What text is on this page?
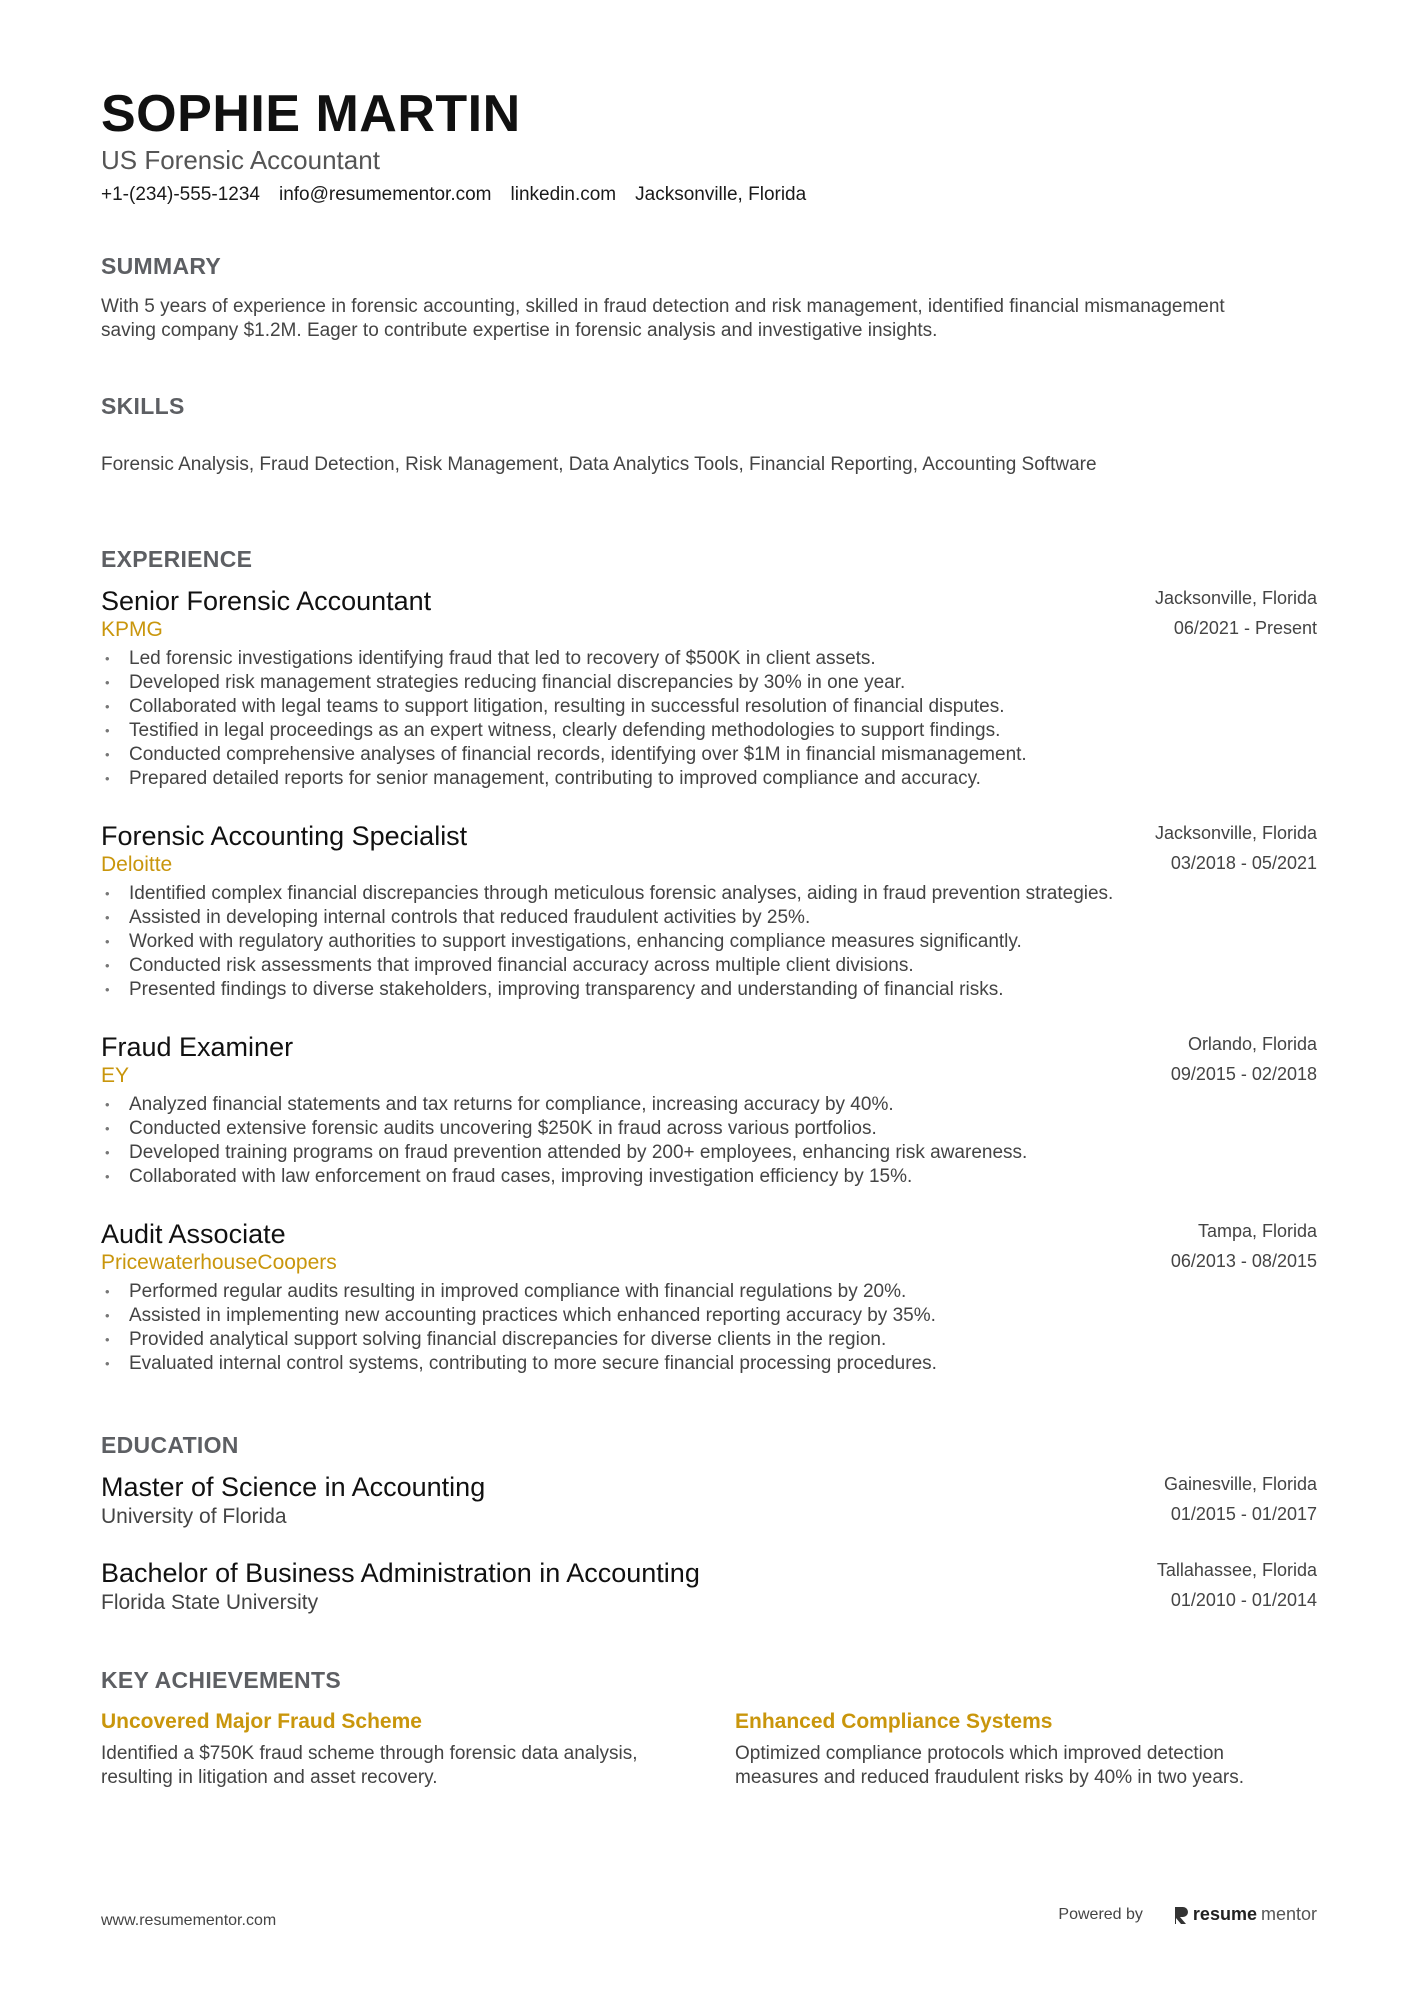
SOPHIE MARTIN
US Forensic Accountant
+1-(234)-555-1234 info@resumementor.com linkedin.com Jacksonville, Florida
SUMMARY
With 5 years of experience in forensic accounting, skilled in fraud detection and risk management, identified financial mismanagement saving company $1.2M. Eager to contribute expertise in forensic analysis and investigative insights.
SKILLS
Forensic Analysis, Fraud Detection, Risk Management, Data Analytics Tools, Financial Reporting, Accounting Software
EXPERIENCE
Senior Forensic Accountant
KPMG
Jacksonville, Florida
06/2021 - Present
• Led forensic investigations identifying fraud that led to recovery of $500K in client assets.
• Developed risk management strategies reducing financial discrepancies by 30% in one year.
• Collaborated with legal teams to support litigation, resulting in successful resolution of financial disputes.
• Testified in legal proceedings as an expert witness, clearly defending methodologies to support findings.
• Conducted comprehensive analyses of financial records, identifying over $1M in financial mismanagement.
• Prepared detailed reports for senior management, contributing to improved compliance and accuracy.
Forensic Accounting Specialist
Deloitte
Jacksonville, Florida
03/2018 - 05/2021
• Identified complex financial discrepancies through meticulous forensic analyses, aiding in fraud prevention strategies.
• Assisted in developing internal controls that reduced fraudulent activities by 25%.
• Worked with regulatory authorities to support investigations, enhancing compliance measures significantly.
• Conducted risk assessments that improved financial accuracy across multiple client divisions.
• Presented findings to diverse stakeholders, improving transparency and understanding of financial risks.
Fraud Examiner
EY
Orlando, Florida
09/2015 - 02/2018
• Analyzed financial statements and tax returns for compliance, increasing accuracy by 40%.
• Conducted extensive forensic audits uncovering $250K in fraud across various portfolios.
• Developed training programs on fraud prevention attended by 200+ employees, enhancing risk awareness.
• Collaborated with law enforcement on fraud cases, improving investigation efficiency by 15%.
Audit Associate
PricewaterhouseCoopers
Tampa, Florida
06/2013 - 08/2015
• Performed regular audits resulting in improved compliance with financial regulations by 20%.
• Assisted in implementing new accounting practices which enhanced reporting accuracy by 35%.
• Provided analytical support solving financial discrepancies for diverse clients in the region.
• Evaluated internal control systems, contributing to more secure financial processing procedures.
EDUCATION
Master of Science in Accounting
University of Florida
Gainesville, Florida
01/2015 - 01/2017
Bachelor of Business Administration in Accounting
Florida State University
Tallahassee, Florida
01/2010 - 01/2014
KEY ACHIEVEMENTS
Uncovered Major Fraud Scheme
Identified a $750K fraud scheme through forensic data analysis, resulting in litigation and asset recovery.
Enhanced Compliance Systems
Optimized compliance protocols which improved detection measures and reduced fraudulent risks by 40% in two years.
www.resumementor.com	Powered by	resume mentor
